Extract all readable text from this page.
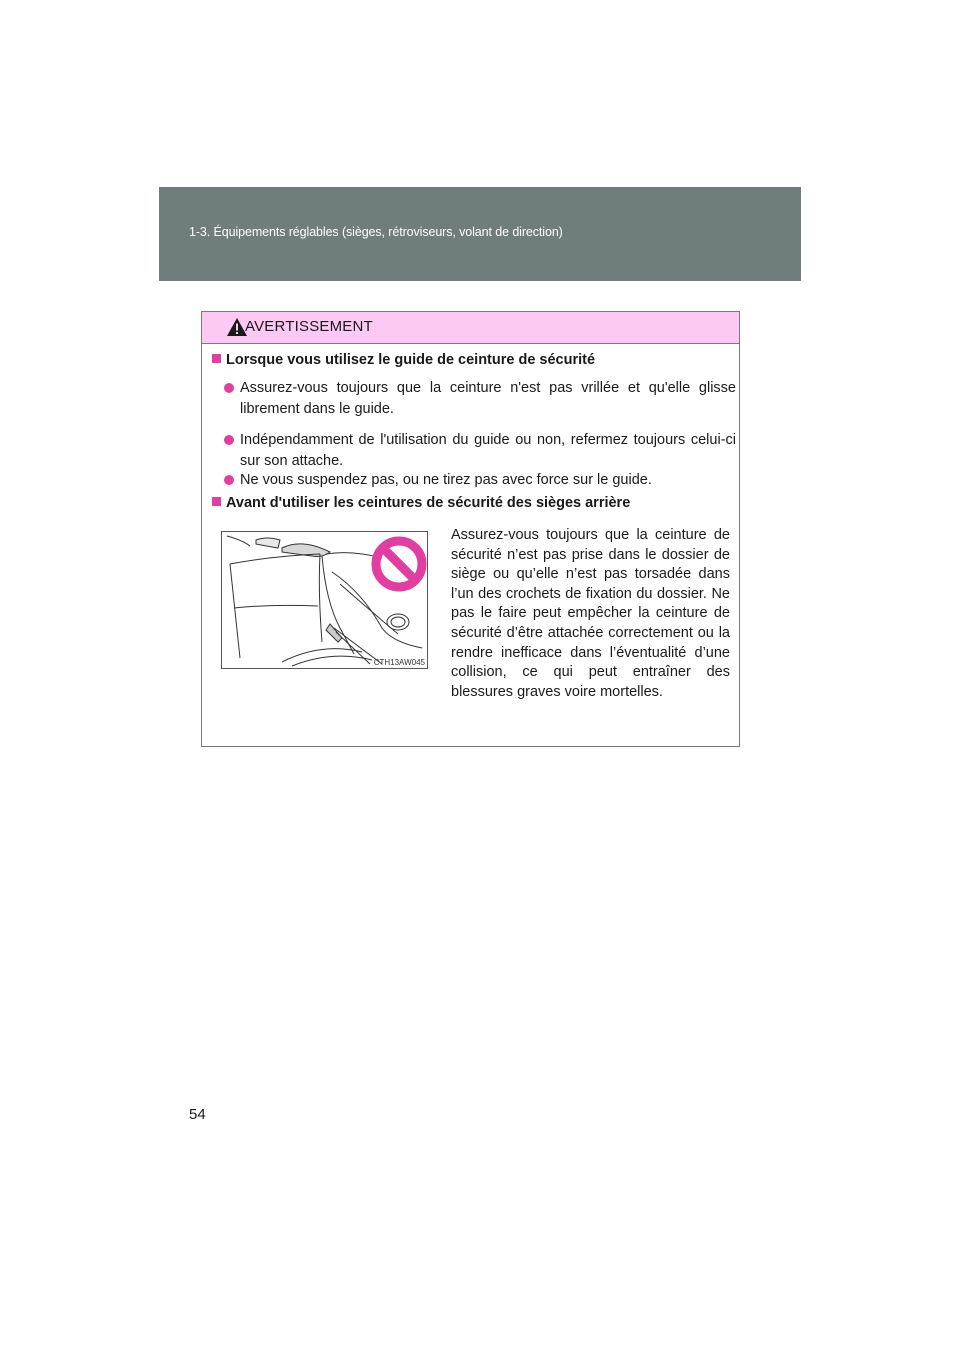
1-3. Équipements réglables (sièges, rétroviseurs, volant de direction)
AVERTISSEMENT
Lorsque vous utilisez le guide de ceinture de sécurité
Assurez-vous toujours que la ceinture n'est pas vrillée et qu'elle glisse librement dans le guide.
Indépendamment de l'utilisation du guide ou non, refermez toujours celui-ci sur son attache.
Ne vous suspendez pas, ou ne tirez pas avec force sur le guide.
Avant d'utiliser les ceintures de sécurité des sièges arrière
CTH13AW045
Assurez-vous toujours que la ceinture de sécurité n’est pas prise dans le dossier de siège ou qu’elle n’est pas torsadée dans l’un des crochets de fixation du dossier. Ne pas le faire peut empêcher la ceinture de sécurité d’être attachée correctement ou la rendre inefficace dans l’éventualité d’une collision, ce qui peut entraîner des blessures graves voire mortelles.
54
